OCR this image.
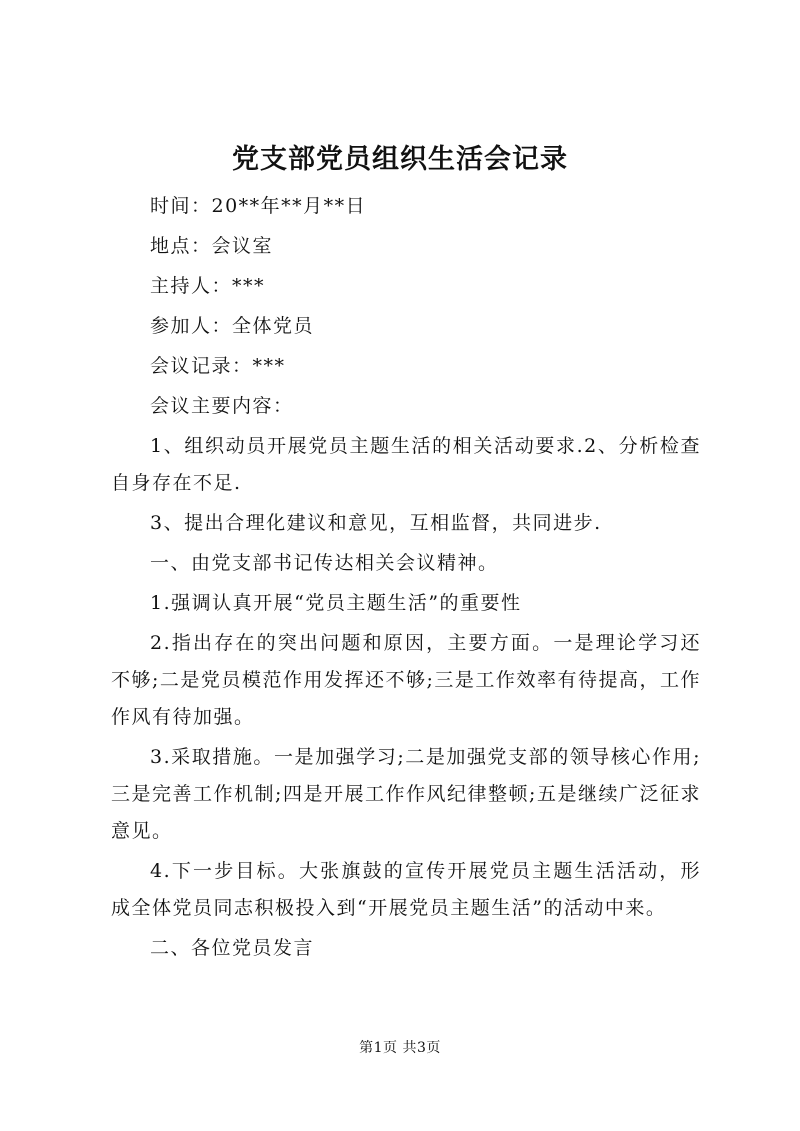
党支部党员组织生活会记录

时间：20**年**月**日

地点：会议室

主持人：***

参加人：全体党员

会议记录：***

会议主要内容：

1、组织动员开展党员主题生活的相关活动要求.2、分析检查自身存在不足.

3、提出合理化建议和意见，互相监督，共同进步.

一、由党支部书记传达相关会议精神。

1.强调认真开展“党员主题生活”的重要性

2.指出存在的突出问题和原因，主要方面。一是理论学习还不够;二是党员模范作用发挥还不够;三是工作效率有待提高，工作作风有待加强。

3.采取措施。一是加强学习;二是加强党支部的领导核心作用;三是完善工作机制;四是开展工作作风纪律整顿;五是继续广泛征求意见。

4.下一步目标。大张旗鼓的宣传开展党员主题生活活动，形成全体党员同志积极投入到“开展党员主题生活”的活动中来。

二、各位党员发言

第1页 共3页
